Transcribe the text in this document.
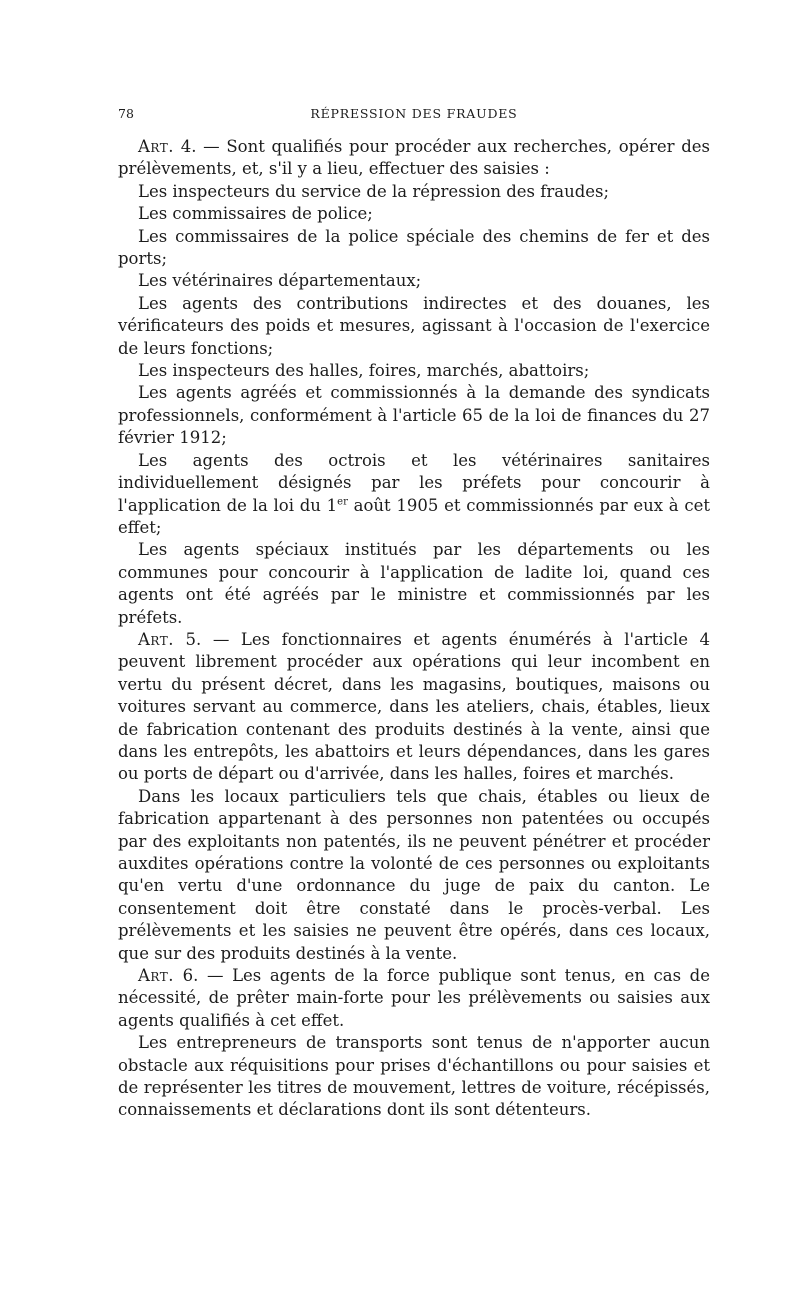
78	RÉPRESSION DES FRAUDES

Art. 4. — Sont qualifiés pour procéder aux recherches, opérer des prélèvements, et, s'il y a lieu, effectuer des saisies :

Les inspecteurs du service de la répression des fraudes;

Les commissaires de police;

Les commissaires de la police spéciale des chemins de fer et des ports;

Les vétérinaires départementaux;

Les agents des contributions indirectes et des douanes, les vérificateurs des poids et mesures, agissant à l'occasion de l'exercice de leurs fonctions;

Les inspecteurs des halles, foires, marchés, abattoirs;

Les agents agréés et commissionnés à la demande des syndicats professionnels, conformément à l'article 65 de la loi de finances du 27 février 1912;

Les agents des octrois et les vétérinaires sanitaires individuellement désignés par les préfets pour concourir à l'application de la loi du 1er août 1905 et commissionnés par eux à cet effet;

Les agents spéciaux institués par les départements ou les communes pour concourir à l'application de ladite loi, quand ces agents ont été agréés par le ministre et commissionnés par les préfets.

Art. 5. — Les fonctionnaires et agents énumérés à l'article 4 peuvent librement procéder aux opérations qui leur incombent en vertu du présent décret, dans les magasins, boutiques, maisons ou voitures servant au commerce, dans les ateliers, chais, étables, lieux de fabrication contenant des produits destinés à la vente, ainsi que dans les entrepôts, les abattoirs et leurs dépendances, dans les gares ou ports de départ ou d'arrivée, dans les halles, foires et marchés.

Dans les locaux particuliers tels que chais, étables ou lieux de fabrication appartenant à des personnes non patentées ou occupés par des exploitants non patentés, ils ne peuvent pénétrer et procéder auxdites opérations contre la volonté de ces personnes ou exploitants qu'en vertu d'une ordonnance du juge de paix du canton. Le consentement doit être constaté dans le procès-verbal. Les prélèvements et les saisies ne peuvent être opérés, dans ces locaux, que sur des produits destinés à la vente.

Art. 6. — Les agents de la force publique sont tenus, en cas de nécessité, de prêter main-forte pour les prélèvements ou saisies aux agents qualifiés à cet effet.

Les entrepreneurs de transports sont tenus de n'apporter aucun obstacle aux réquisitions pour prises d'échantillons ou pour saisies et de représenter les titres de mouvement, lettres de voiture, récépissés, connaissements et déclarations dont ils sont détenteurs.
